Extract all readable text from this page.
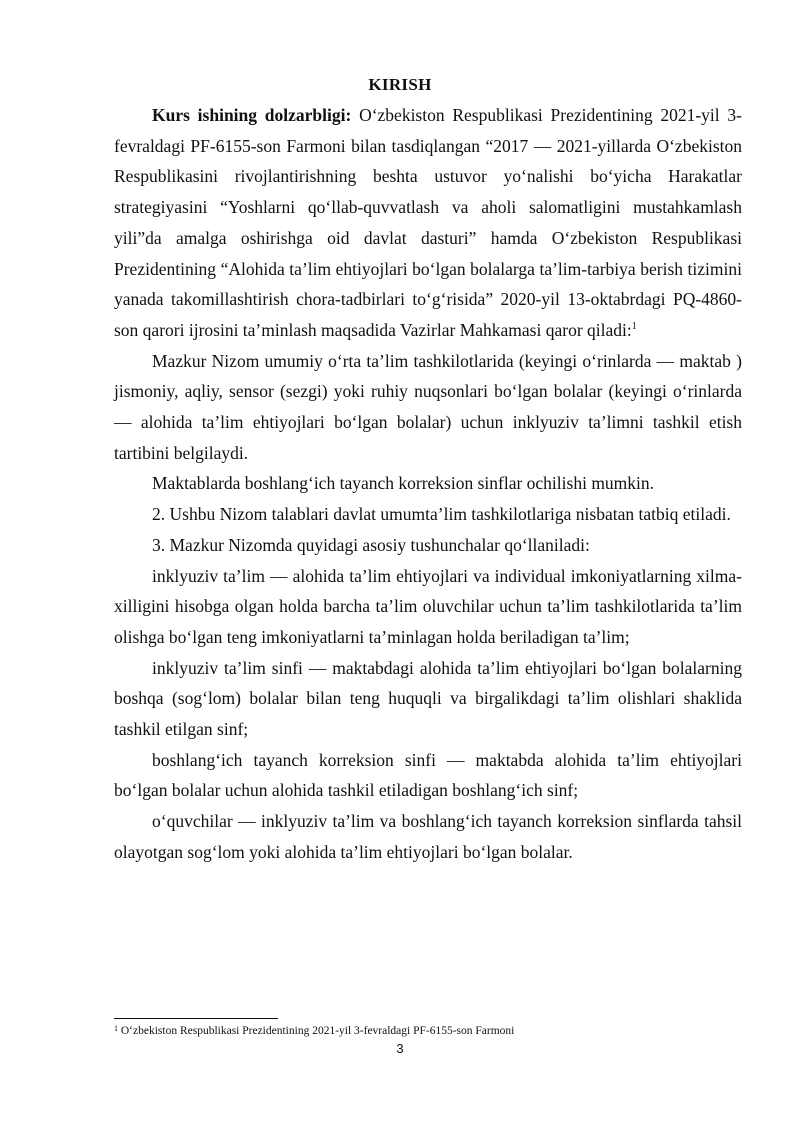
KIRISH

Kurs ishining dolzarbligi: O‘zbekiston Respublikasi Prezidentining 2021-yil 3-fevraldagi PF-6155-son Farmoni bilan tasdiqlangan “2017 — 2021-yillarda O‘zbekiston Respublikasini rivojlantirishning beshta ustuvor yo‘nalishi bo‘yicha Harakatlar strategiyasini “Yoshlarni qo‘llab-quvvatlash va aholi salomatligini mustahkamlash yili”da amalga oshirishga oid davlat dasturi” hamda O‘zbekiston Respublikasi Prezidentining “Alohida ta’lim ehtiyojlari bo‘lgan bolalarga ta’lim-tarbiya berish tizimini yanada takomillashtirish chora-tadbirlari to‘g‘risida” 2020-yil 13-oktabrdagi PQ-4860-son qarori ijrosini ta’minlash maqsadida Vazirlar Mahkamasi qaror qiladi:$^1$

Mazkur Nizom umumiy o‘rta ta’lim tashkilotlarida (keyingi o‘rinlarda — maktab ) jismoniy, aqliy, sensor (sezgi) yoki ruhiy nuqsonlari bo‘lgan bolalar (keyingi o‘rinlarda — alohida ta’lim ehtiyojlari bo‘lgan bolalar) uchun inklyuziv ta’limni tashkil etish tartibini belgilaydi.

Maktablarda boshlang‘ich tayanch korreksion sinflar ochilishi mumkin.

2. Ushbu Nizom talablari davlat umumta’lim tashkilotlariga nisbatan tatbiq etiladi.

3. Mazkur Nizomda quyidagi asosiy tushunchalar qo‘llaniladi:

inklyuziv ta’lim — alohida ta’lim ehtiyojlari va individual imkoniyatlarning xilma-xilligini hisobga olgan holda barcha ta’lim oluvchilar uchun ta’lim tashkilotlarida ta’lim olishga bo‘lgan teng imkoniyatlarni ta’minlagan holda beriladigan ta’lim;

inklyuziv ta’lim sinfi — maktabdagi alohida ta’lim ehtiyojlari bo‘lgan bolalarning boshqa (sog‘lom) bolalar bilan teng huquqli va birgalikdagi ta’lim olishlari shaklida tashkil etilgan sinf;

boshlang‘ich tayanch korreksion sinfi — maktabda alohida ta’lim ehtiyojlari bo‘lgan bolalar uchun alohida tashkil etiladigan boshlang‘ich sinf;

o‘quvchilar — inklyuziv ta’lim va boshlang‘ich tayanch korreksion sinflarda tahsil olayotgan sog‘lom yoki alohida ta’lim ehtiyojlari bo‘lgan bolalar.

$^1$ O‘zbekiston Respublikasi Prezidentining 2021-yil 3-fevraldagi PF-6155-son Farmoni
3
